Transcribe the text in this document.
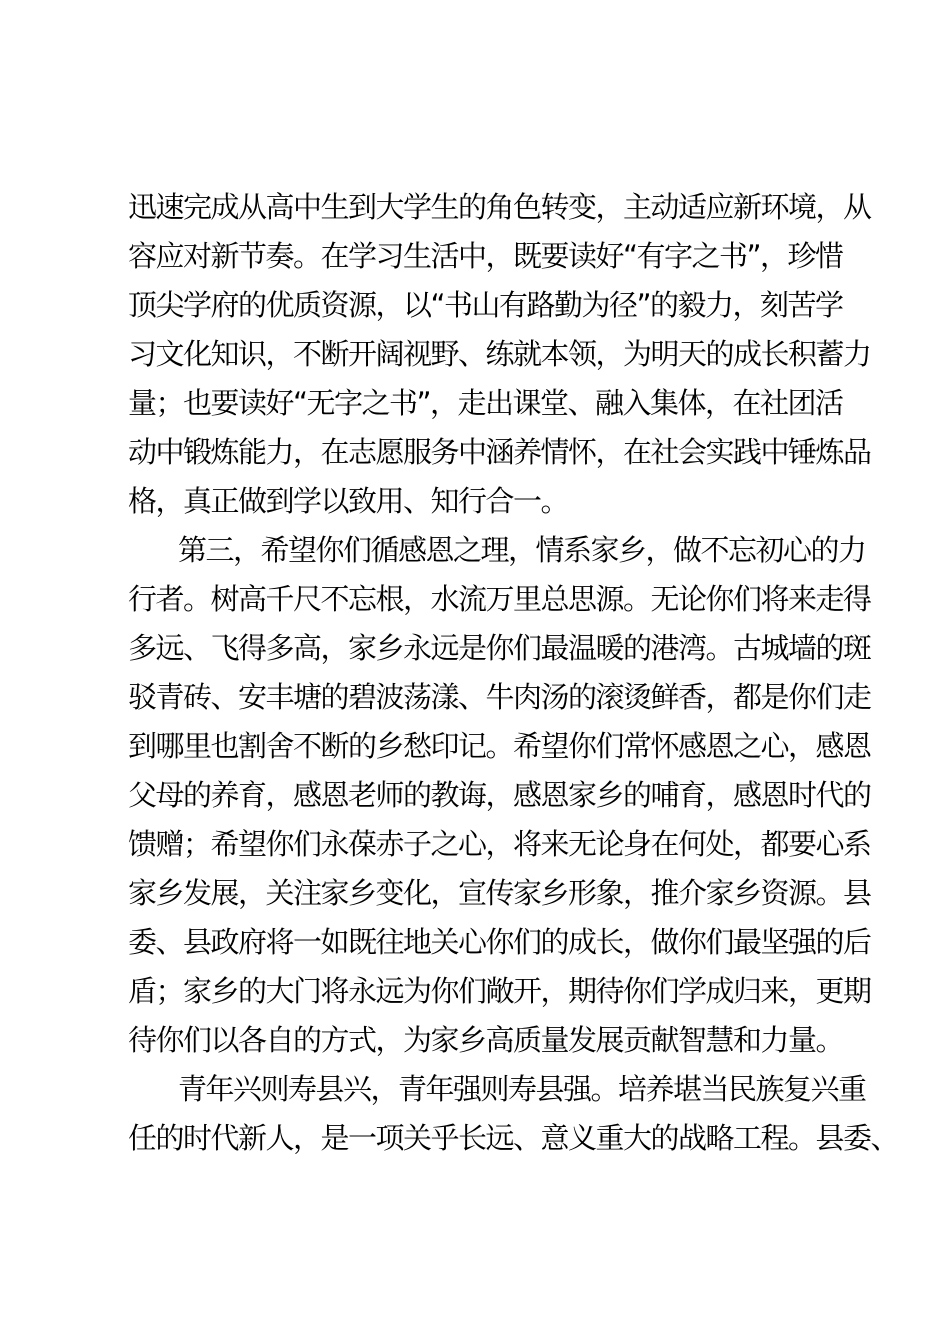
迅速完成从高中生到大学生的角色转变，主动适应新环境，从
容应对新节奏。在学习生活中，既要读好“有字之书”，珍惜
顶尖学府的优质资源，以“书山有路勤为径”的毅力，刻苦学
习文化知识，不断开阔视野、练就本领，为明天的成长积蓄力
量；也要读好“无字之书”，走出课堂、融入集体，在社团活
动中锻炼能力，在志愿服务中涵养情怀，在社会实践中锤炼品
格，真正做到学以致用、知行合一。
第三，希望你们循感恩之理，情系家乡，做不忘初心的力
行者。树高千尺不忘根，水流万里总思源。无论你们将来走得
多远、飞得多高，家乡永远是你们最温暖的港湾。古城墙的斑
驳青砖、安丰塘的碧波荡漾、牛肉汤的滚烫鲜香，都是你们走
到哪里也割舍不断的乡愁印记。希望你们常怀感恩之心，感恩
父母的养育，感恩老师的教诲，感恩家乡的哺育，感恩时代的
馈赠；希望你们永葆赤子之心，将来无论身在何处，都要心系
家乡发展，关注家乡变化，宣传家乡形象，推介家乡资源。县
委、县政府将一如既往地关心你们的成长，做你们最坚强的后
盾；家乡的大门将永远为你们敞开，期待你们学成归来，更期
待你们以各自的方式，为家乡高质量发展贡献智慧和力量。
青年兴则寿县兴，青年强则寿县强。培养堪当民族复兴重
任的时代新人，是一项关乎长远、意义重大的战略工程。县委、
